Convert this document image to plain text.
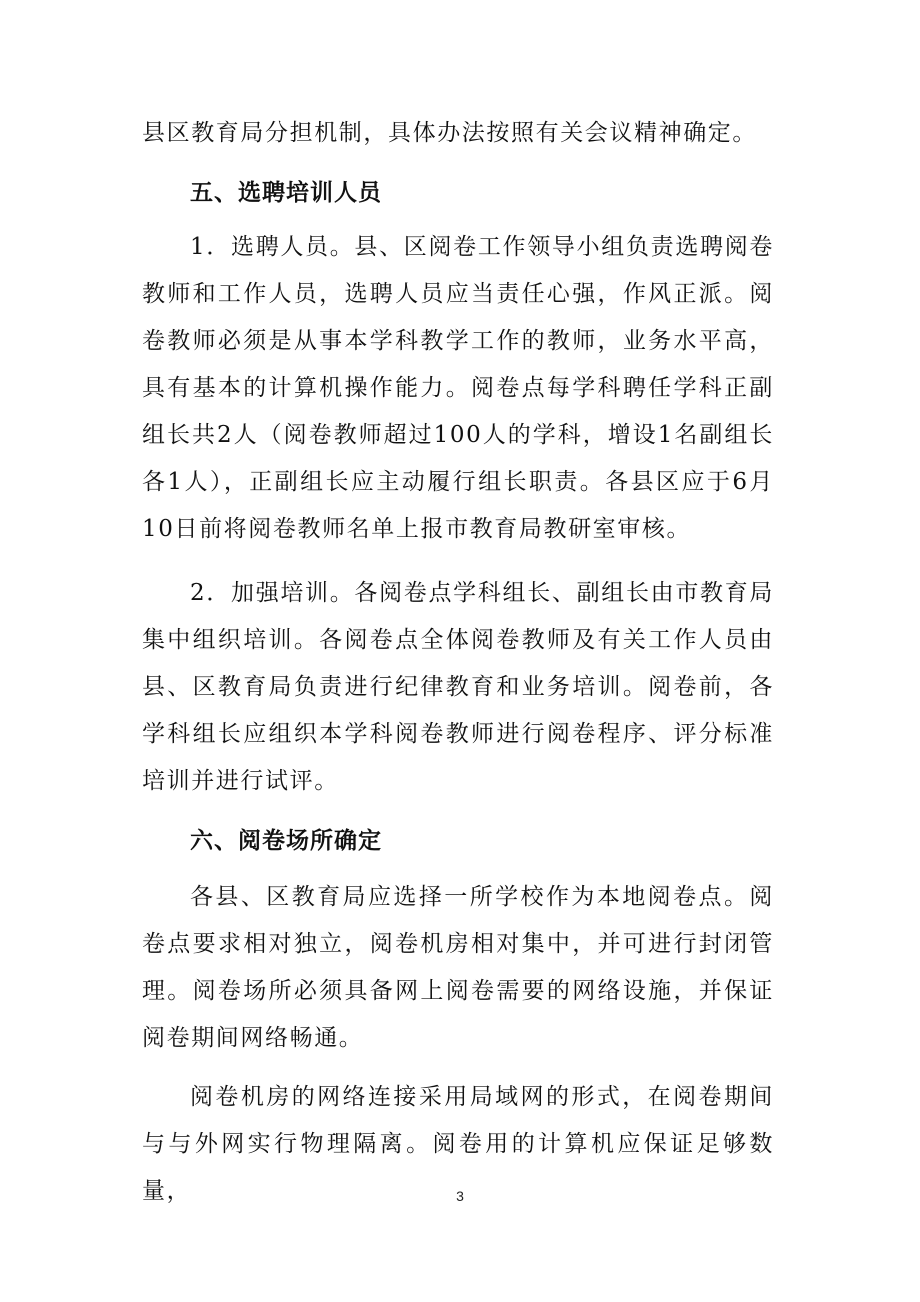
县区教育局分担机制，具体办法按照有关会议精神确定。

五、选聘培训人员

1．选聘人员。县、区阅卷工作领导小组负责选聘阅卷教师和工作人员，选聘人员应当责任心强，作风正派。阅卷教师必须是从事本学科教学工作的教师，业务水平高，具有基本的计算机操作能力。阅卷点每学科聘任学科正副组长共2人（阅卷教师超过100人的学科，增设1名副组长各1人），正副组长应主动履行组长职责。各县区应于6月10日前将阅卷教师名单上报市教育局教研室审核。

2．加强培训。各阅卷点学科组长、副组长由市教育局集中组织培训。各阅卷点全体阅卷教师及有关工作人员由县、区教育局负责进行纪律教育和业务培训。阅卷前，各学科组长应组织本学科阅卷教师进行阅卷程序、评分标准培训并进行试评。

六、阅卷场所确定

各县、区教育局应选择一所学校作为本地阅卷点。阅卷点要求相对独立，阅卷机房相对集中，并可进行封闭管理。阅卷场所必须具备网上阅卷需要的网络设施，并保证阅卷期间网络畅通。

阅卷机房的网络连接采用局域网的形式，在阅卷期间与与外网实行物理隔离。阅卷用的计算机应保证足够数量，	3
